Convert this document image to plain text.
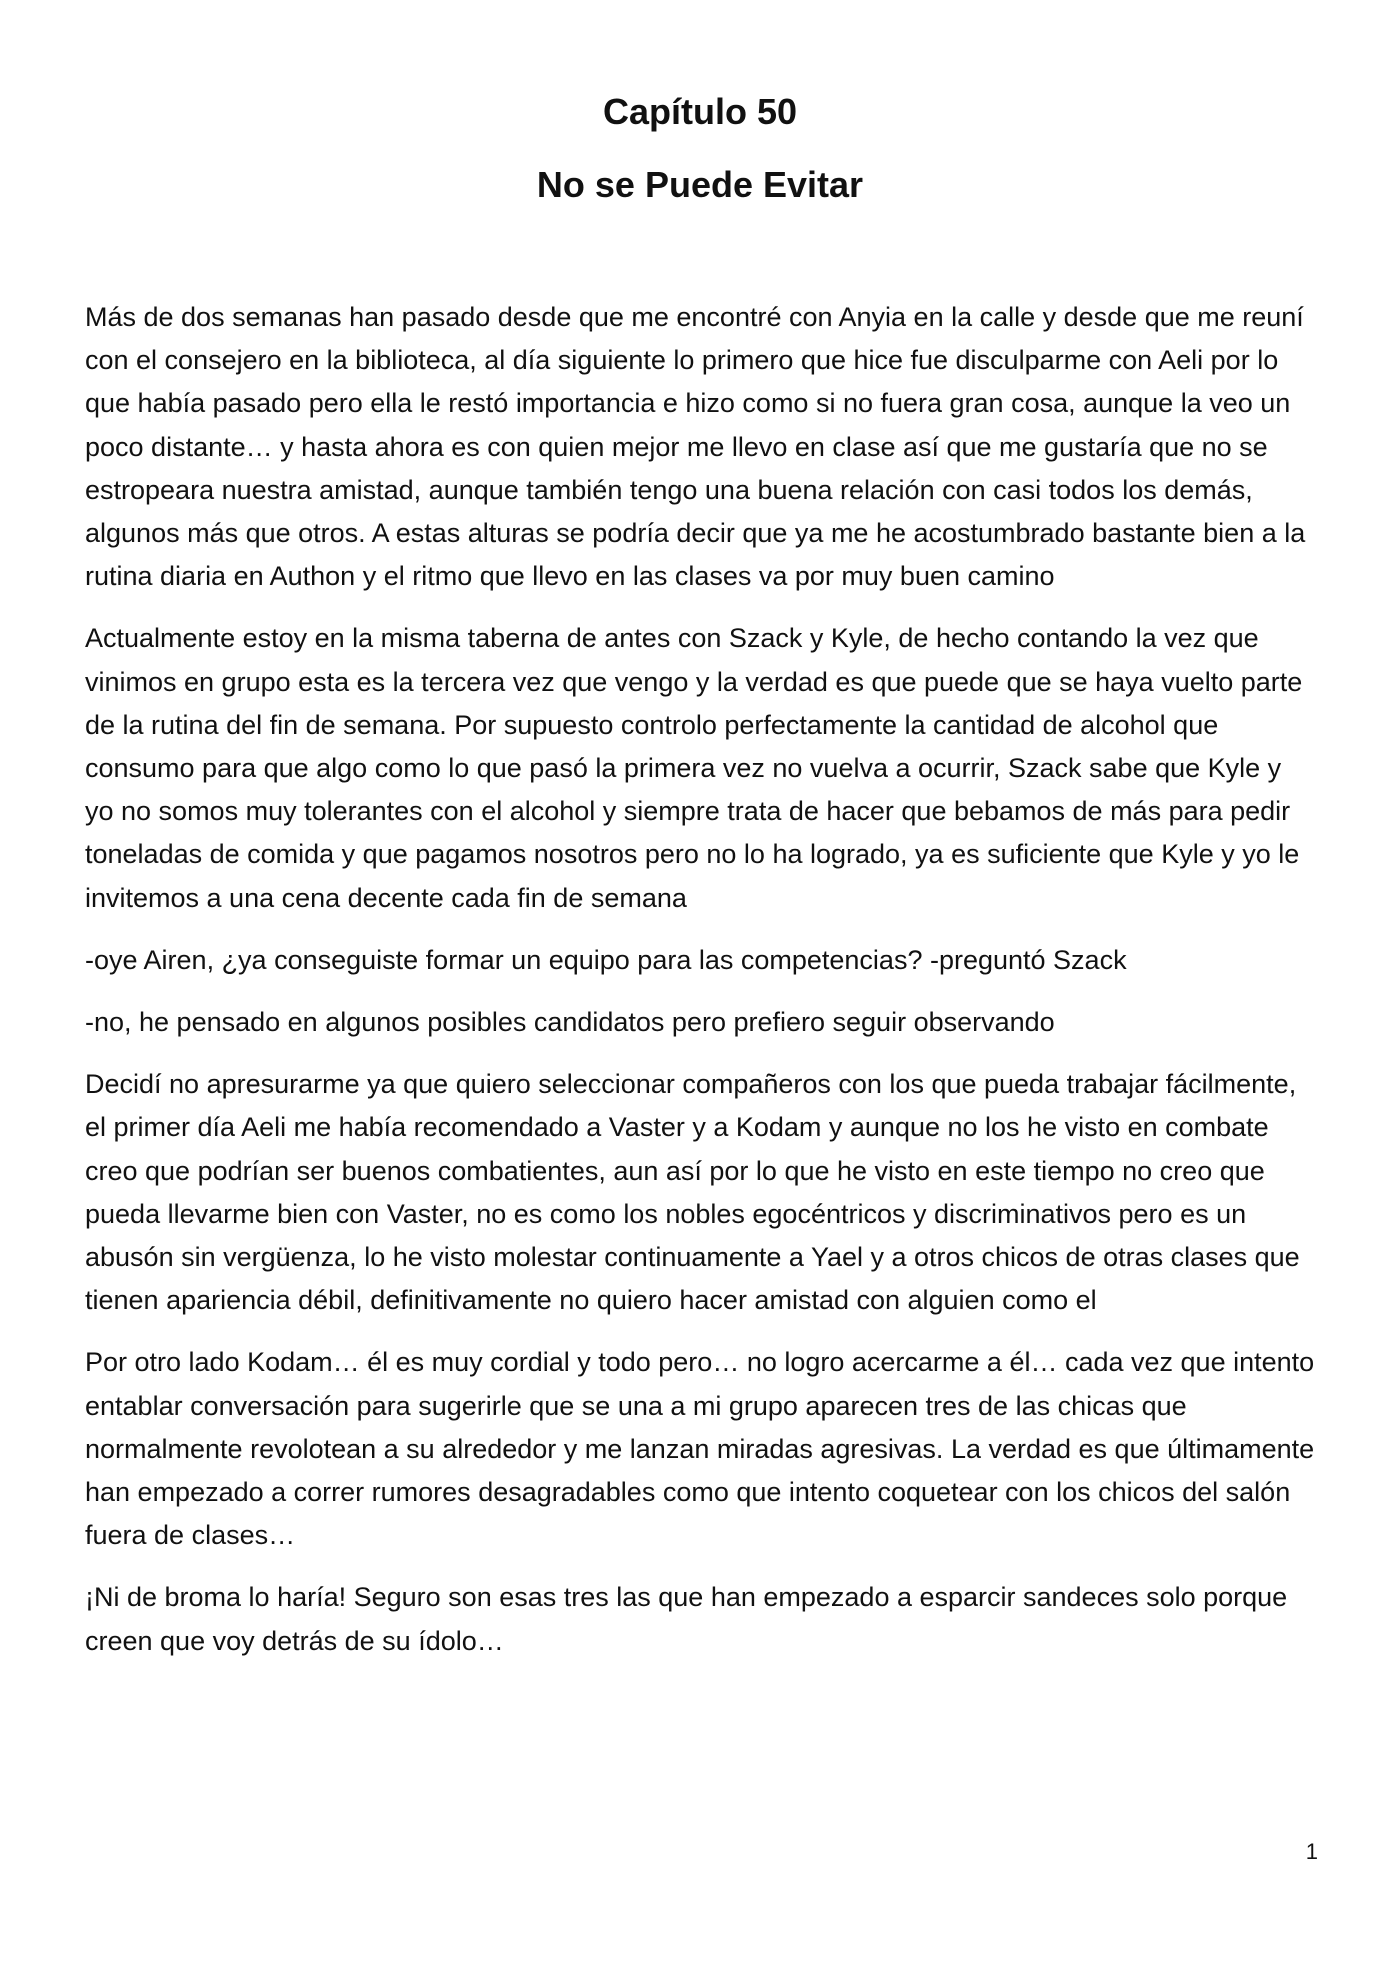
Capítulo 50
No se Puede Evitar

Más de dos semanas han pasado desde que me encontré con Anyia en la calle y desde que me reuní con el consejero en la biblioteca, al día siguiente lo primero que hice fue disculparme con Aeli por lo que había pasado pero ella le restó importancia e hizo como si no fuera gran cosa, aunque la veo un poco distante… y hasta ahora es con quien mejor me llevo en clase así que me gustaría que no se estropeara nuestra amistad, aunque también tengo una buena relación con casi todos los demás, algunos más que otros. A estas alturas se podría decir que ya me he acostumbrado bastante bien a la rutina diaria en Authon y el ritmo que llevo en las clases va por muy buen camino

Actualmente estoy en la misma taberna de antes con Szack y Kyle, de hecho contando la vez que vinimos en grupo esta es la tercera vez que vengo y la verdad es que puede que se haya vuelto parte de la rutina del fin de semana. Por supuesto controlo perfectamente la cantidad de alcohol que consumo para que algo como lo que pasó la primera vez no vuelva a ocurrir, Szack sabe que Kyle y yo no somos muy tolerantes con el alcohol y siempre trata de hacer que bebamos de más para pedir toneladas de comida y que pagamos nosotros pero no lo ha logrado, ya es suficiente que Kyle y yo le invitemos a una cena decente cada fin de semana

-oye Airen, ¿ya conseguiste formar un equipo para las competencias? -preguntó Szack

-no, he pensado en algunos posibles candidatos pero prefiero seguir observando

Decidí no apresurarme ya que quiero seleccionar compañeros con los que pueda trabajar fácilmente, el primer día Aeli me había recomendado a Vaster y a Kodam y aunque no los he visto en combate creo que podrían ser buenos combatientes, aun así por lo que he visto en este tiempo no creo que pueda llevarme bien con Vaster, no es como los nobles egocéntricos y discriminativos pero es un abusón sin vergüenza, lo he visto molestar continuamente a Yael y a otros chicos de otras clases que tienen apariencia débil, definitivamente no quiero hacer amistad con alguien como el

Por otro lado Kodam… él es muy cordial y todo pero… no logro acercarme a él… cada vez que intento entablar conversación para sugerirle que se una a mi grupo aparecen tres de las chicas que normalmente revolotean a su alrededor y me lanzan miradas agresivas. La verdad es que últimamente han empezado a correr rumores desagradables como que intento coquetear con los chicos del salón fuera de clases…

¡Ni de broma lo haría! Seguro son esas tres las que han empezado a esparcir sandeces solo porque creen que voy detrás de su ídolo…

1
